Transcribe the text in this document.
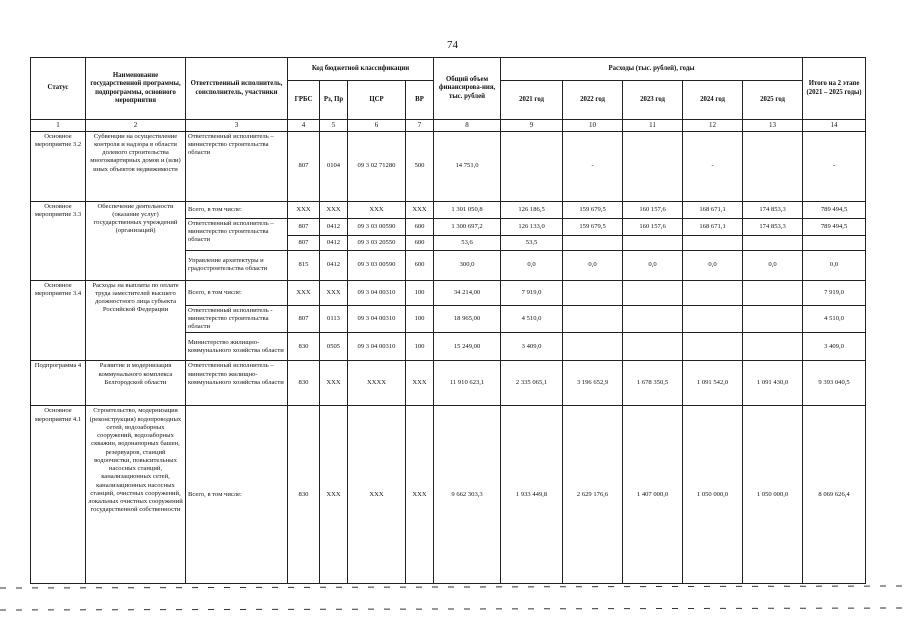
74
Статус	Наименование государственной программы, подпрограммы, основного мероприятия	Ответственный исполнитель, соисполнитель, участники	Код бюджетной классификации				Общий объем финансирова-ния, тыс. рублей	Расходы (тыс. рублей), годы					Итого на 2 этапе (2021 – 2025 годы)
			ГРБС	Рз, Пр	ЦСР	ВР		2021 год	2022 год	2023 год	2024 год	2025 год	
1	2	3	4	5	6	7	8	9	10	11	12	13	14
Основное мероприятие 3.2	Субвенции на осуществление контроля и надзора в области долевого строительства многоквартирных домов и (или) иных объектов недвижимости	Ответственный исполнитель – министерство строительства области	807	0104	09 3 02 71280	500	14 751,0		-		-		-
Основное мероприятие 3.3	Обеспечение деятельности (оказание услуг) государственных учреждений (организаций)	Всего, в том числе:	XXX	XXX	XXX	XXX	1 301 050,8	126 186,5	159 679,5	160 157,6	168 671,1	174 853,3	789 494,5
		Ответственный исполнитель – министерство строительства области	807	0412	09 3 03 00590	600	1 300 697,2	126 133,0	159 679,5	160 157,6	168 671,1	174 853,3	789 494,5
			807	0412	09 3 03 20550	600	53,6	53,5					
		Управление архитектуры и градостроительства области	815	0412	09 3 03 00590	600	300,0	0,0	0,0	0,0	0,0	0,0	0,0
Основное мероприятие 3.4	Расходы на выплаты по оплате труда заместителей высшего должностного лица субъекта Российской Федерации	Всего, в том числе:	XXX	XXX	09 3 04 00310	100	34 214,00	7 919,0					7 919,0
		Ответственный исполнитель - министерство строительства области	807	0113	09 3 04 00310	100	18 965,00	4 510,0					4 510,0
		Министерство жилищно-коммунального хозяйства области	830	0505	09 3 04 00310	100	15 249,00	3 409,0					3 409,0
Подпрограмма 4	Развитие и модернизация коммунального комплекса Белгородской области	Ответственный исполнитель – министерство жилищно-коммунального хозяйства области	830	XXX	XXXX	XXX	11 910 623,1	2 335 065,1	3 196 652,9	1 678 350,5	1 091 542,0	1 091 430,0	9 393 040,5
Основное мероприятие 4.1	Строительство, модернизация (реконструкция) водопроводных сетей, водозаборных сооружений, водозаборных скважин, водонапорных башен, резервуаров, станций водоочистки, повысительных насосных станций, канализационных сетей, канализационных насосных станций, очистных сооружений, локальных очистных сооружений государственной собственности	Всего, в том числе:	830	XXX	XXX	XXX	9 662 303,3	1 933 449,8	2 629 176,6	1 407 000,0	1 050 000,0	1 050 000,0	8 069 626,4
